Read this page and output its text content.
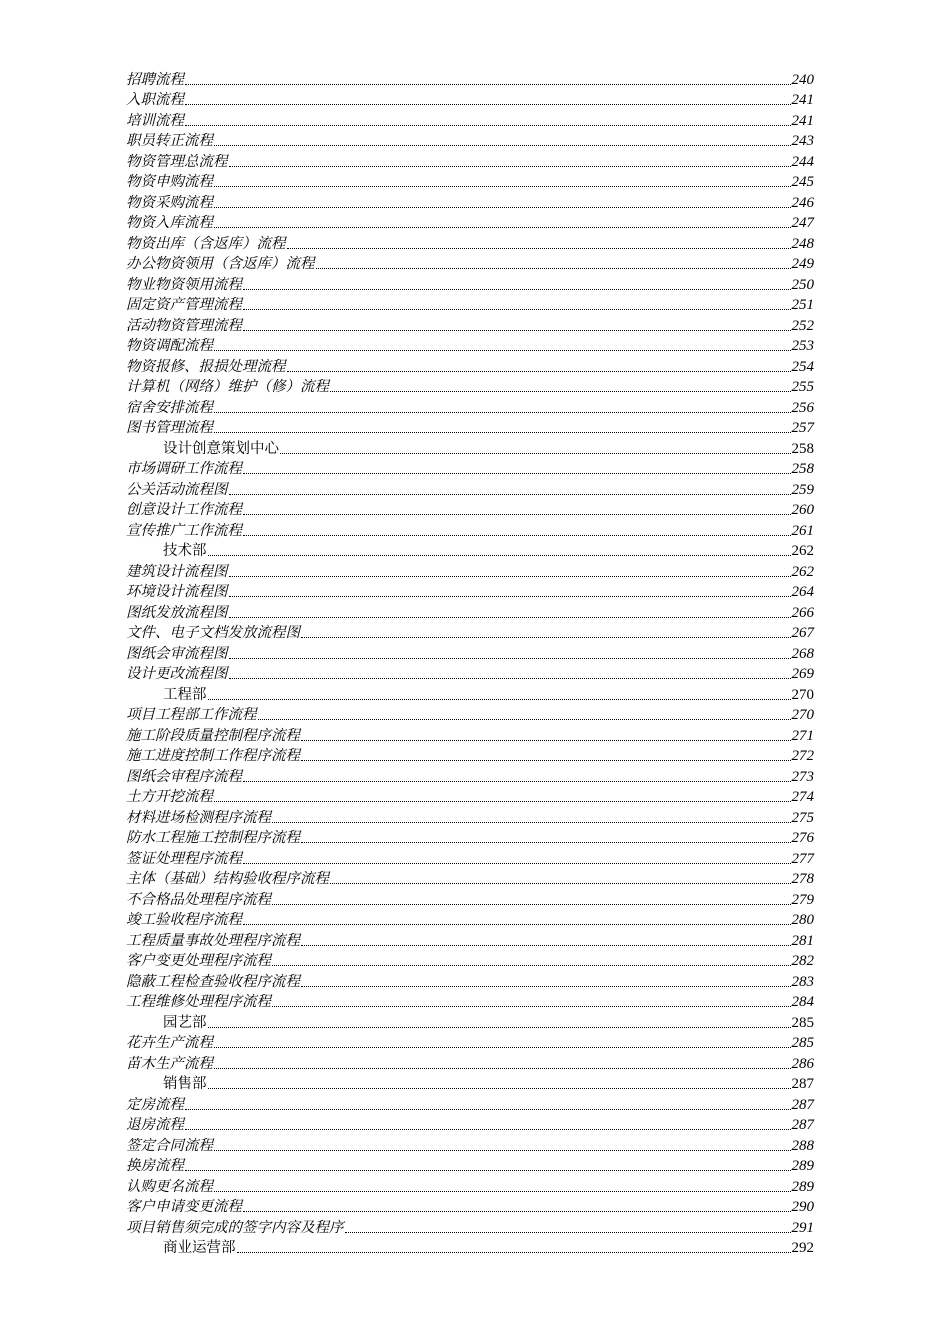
招聘流程	240
入职流程	241
培训流程	241
职员转正流程	243
物资管理总流程	244
物资申购流程	245
物资采购流程	246
物资入库流程	247
物资出库（含返库）流程	248
办公物资领用（含返库）流程	249
物业物资领用流程	250
固定资产管理流程	251
活动物资管理流程	252
物资调配流程	253
物资报修、报损处理流程	254
计算机（网络）维护（修）流程	255
宿舍安排流程	256
图书管理流程	257
设计创意策划中心	258
市场调研工作流程	258
公关活动流程图	259
创意设计工作流程	260
宣传推广工作流程	261
技术部	262
建筑设计流程图	262
环境设计流程图	264
图纸发放流程图	266
文件、电子文档发放流程图	267
图纸会审流程图	268
设计更改流程图	269
工程部	270
项目工程部工作流程	270
施工阶段质量控制程序流程	271
施工进度控制工作程序流程	272
图纸会审程序流程	273
土方开挖流程	274
材料进场检测程序流程	275
防水工程施工控制程序流程	276
签证处理程序流程	277
主体（基础）结构验收程序流程	278
不合格品处理程序流程	279
竣工验收程序流程	280
工程质量事故处理程序流程	281
客户变更处理程序流程	282
隐蔽工程检查验收程序流程	283
工程维修处理程序流程	284
园艺部	285
花卉生产流程	285
苗木生产流程	286
销售部	287
定房流程	287
退房流程	287
签定合同流程	288
换房流程	289
认购更名流程	289
客户申请变更流程	290
项目销售须完成的签字内容及程序	291
商业运营部	292
